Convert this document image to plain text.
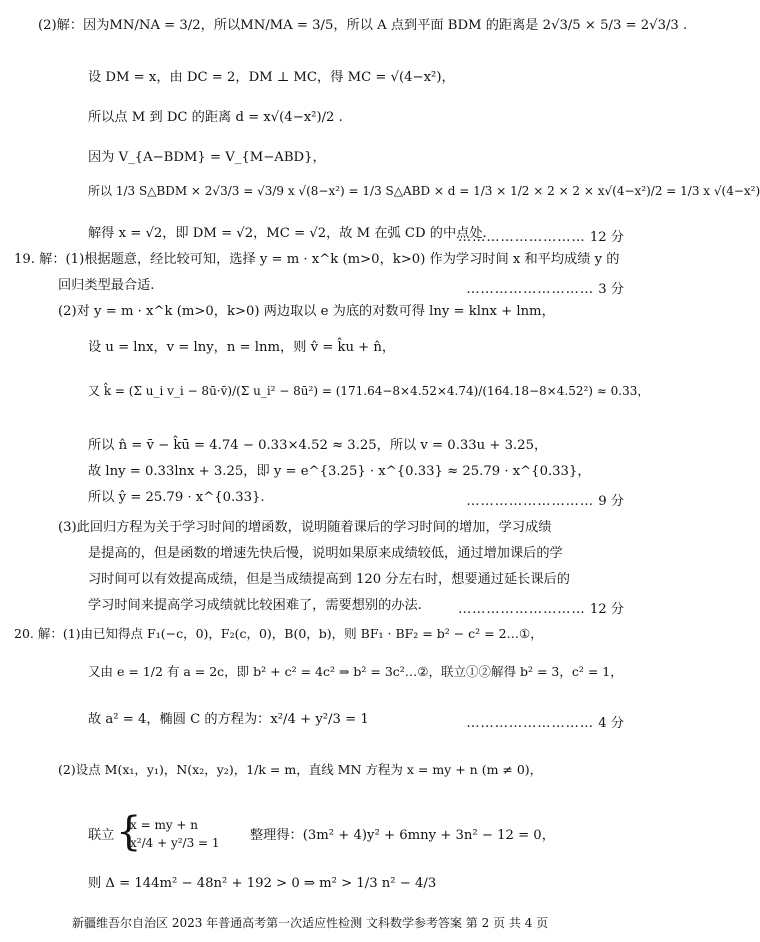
(2)解：因为MN/NA = 3/2，所以MN/MA = 3/5，所以 A 点到平面 BDM 的距离是 2√3/5 × 5/3 = 2√3/3 .
设 DM = x，由 DC = 2，DM ⊥ MC，得 MC = √(4−x²)，
所以点 M 到 DC 的距离 d = x√(4−x²)/2 .
因为 V_{A−BDM} = V_{M−ABD}，
所以 1/3 S△BDM × 2√3/3 = √3/9 x √(8−x²) = 1/3 S△ABD × d = 1/3 × 1/2 × 2 × 2 × x√(4−x²)/2 = 1/3 x √(4−x²)
解得 x = √2，即 DM = √2，MC = √2，故 M 在弧 CD 的中点处.
……………………… 12 分
19. 解：(1)根据题意，经比较可知，选择 y = m · x^k (m>0，k>0) 作为学习时间 x 和平均成绩 y 的
回归类型最合适.	……………………… 3 分
(2)对 y = m · x^k (m>0，k>0) 两边取以 e 为底的对数可得 lny = klnx + lnm，
设 u = lnx，v = lny，n = lnm，则 v̂ = k̂u + n̂，
又 k̂ = (Σ u_i v_i − 8ū·v̄)/(Σ u_i² − 8ū²) = (171.64−8×4.52×4.74)/(164.18−8×4.52²) ≈ 0.33，
所以 n̂ = v̄ − k̂ū = 4.74 − 0.33×4.52 ≈ 3.25，所以 v = 0.33u + 3.25，
故 lny = 0.33lnx + 3.25，即 y = e^{3.25} · x^{0.33} ≈ 25.79 · x^{0.33}，
所以 ŷ = 25.79 · x^{0.33}.	……………………… 9 分
(3)此回归方程为关于学习时间的增函数，说明随着课后的学习时间的增加，学习成绩
是提高的，但是函数的增速先快后慢，说明如果原来成绩较低，通过增加课后的学
习时间可以有效提高成绩，但是当成绩提高到 120 分左右时，想要通过延长课后的
学习时间来提高学习成绩就比较困难了，需要想别的办法.	……………………… 12 分
20. 解：(1)由已知得点 F₁(−c，0)，F₂(c，0)，B(0，b)，则 BF₁ · BF₂ = b² − c² = 2…①，
又由 e = 1/2 有 a = 2c，即 b² + c² = 4c² ⇒ b² = 3c²…②，联立①②解得 b² = 3，c² = 1，
故 a² = 4，椭圆 C 的方程为：x²/4 + y²/3 = 1	……………………… 4 分
(2)设点 M(x₁，y₁)，N(x₂，y₂)，1/k = m，直线 MN 方程为 x = my + n (m ≠ 0)，
联立 {
x = my + n
x²/4 + y²/3 = 1 整理得：(3m² + 4)y² + 6mny + 3n² − 12 = 0，
则 Δ = 144m² − 48n² + 192 > 0 ⇒ m² > 1/3 n² − 4/3
新疆维吾尔自治区 2023 年普通高考第一次适应性检测 文科数学参考答案 第 2 页 共 4 页
